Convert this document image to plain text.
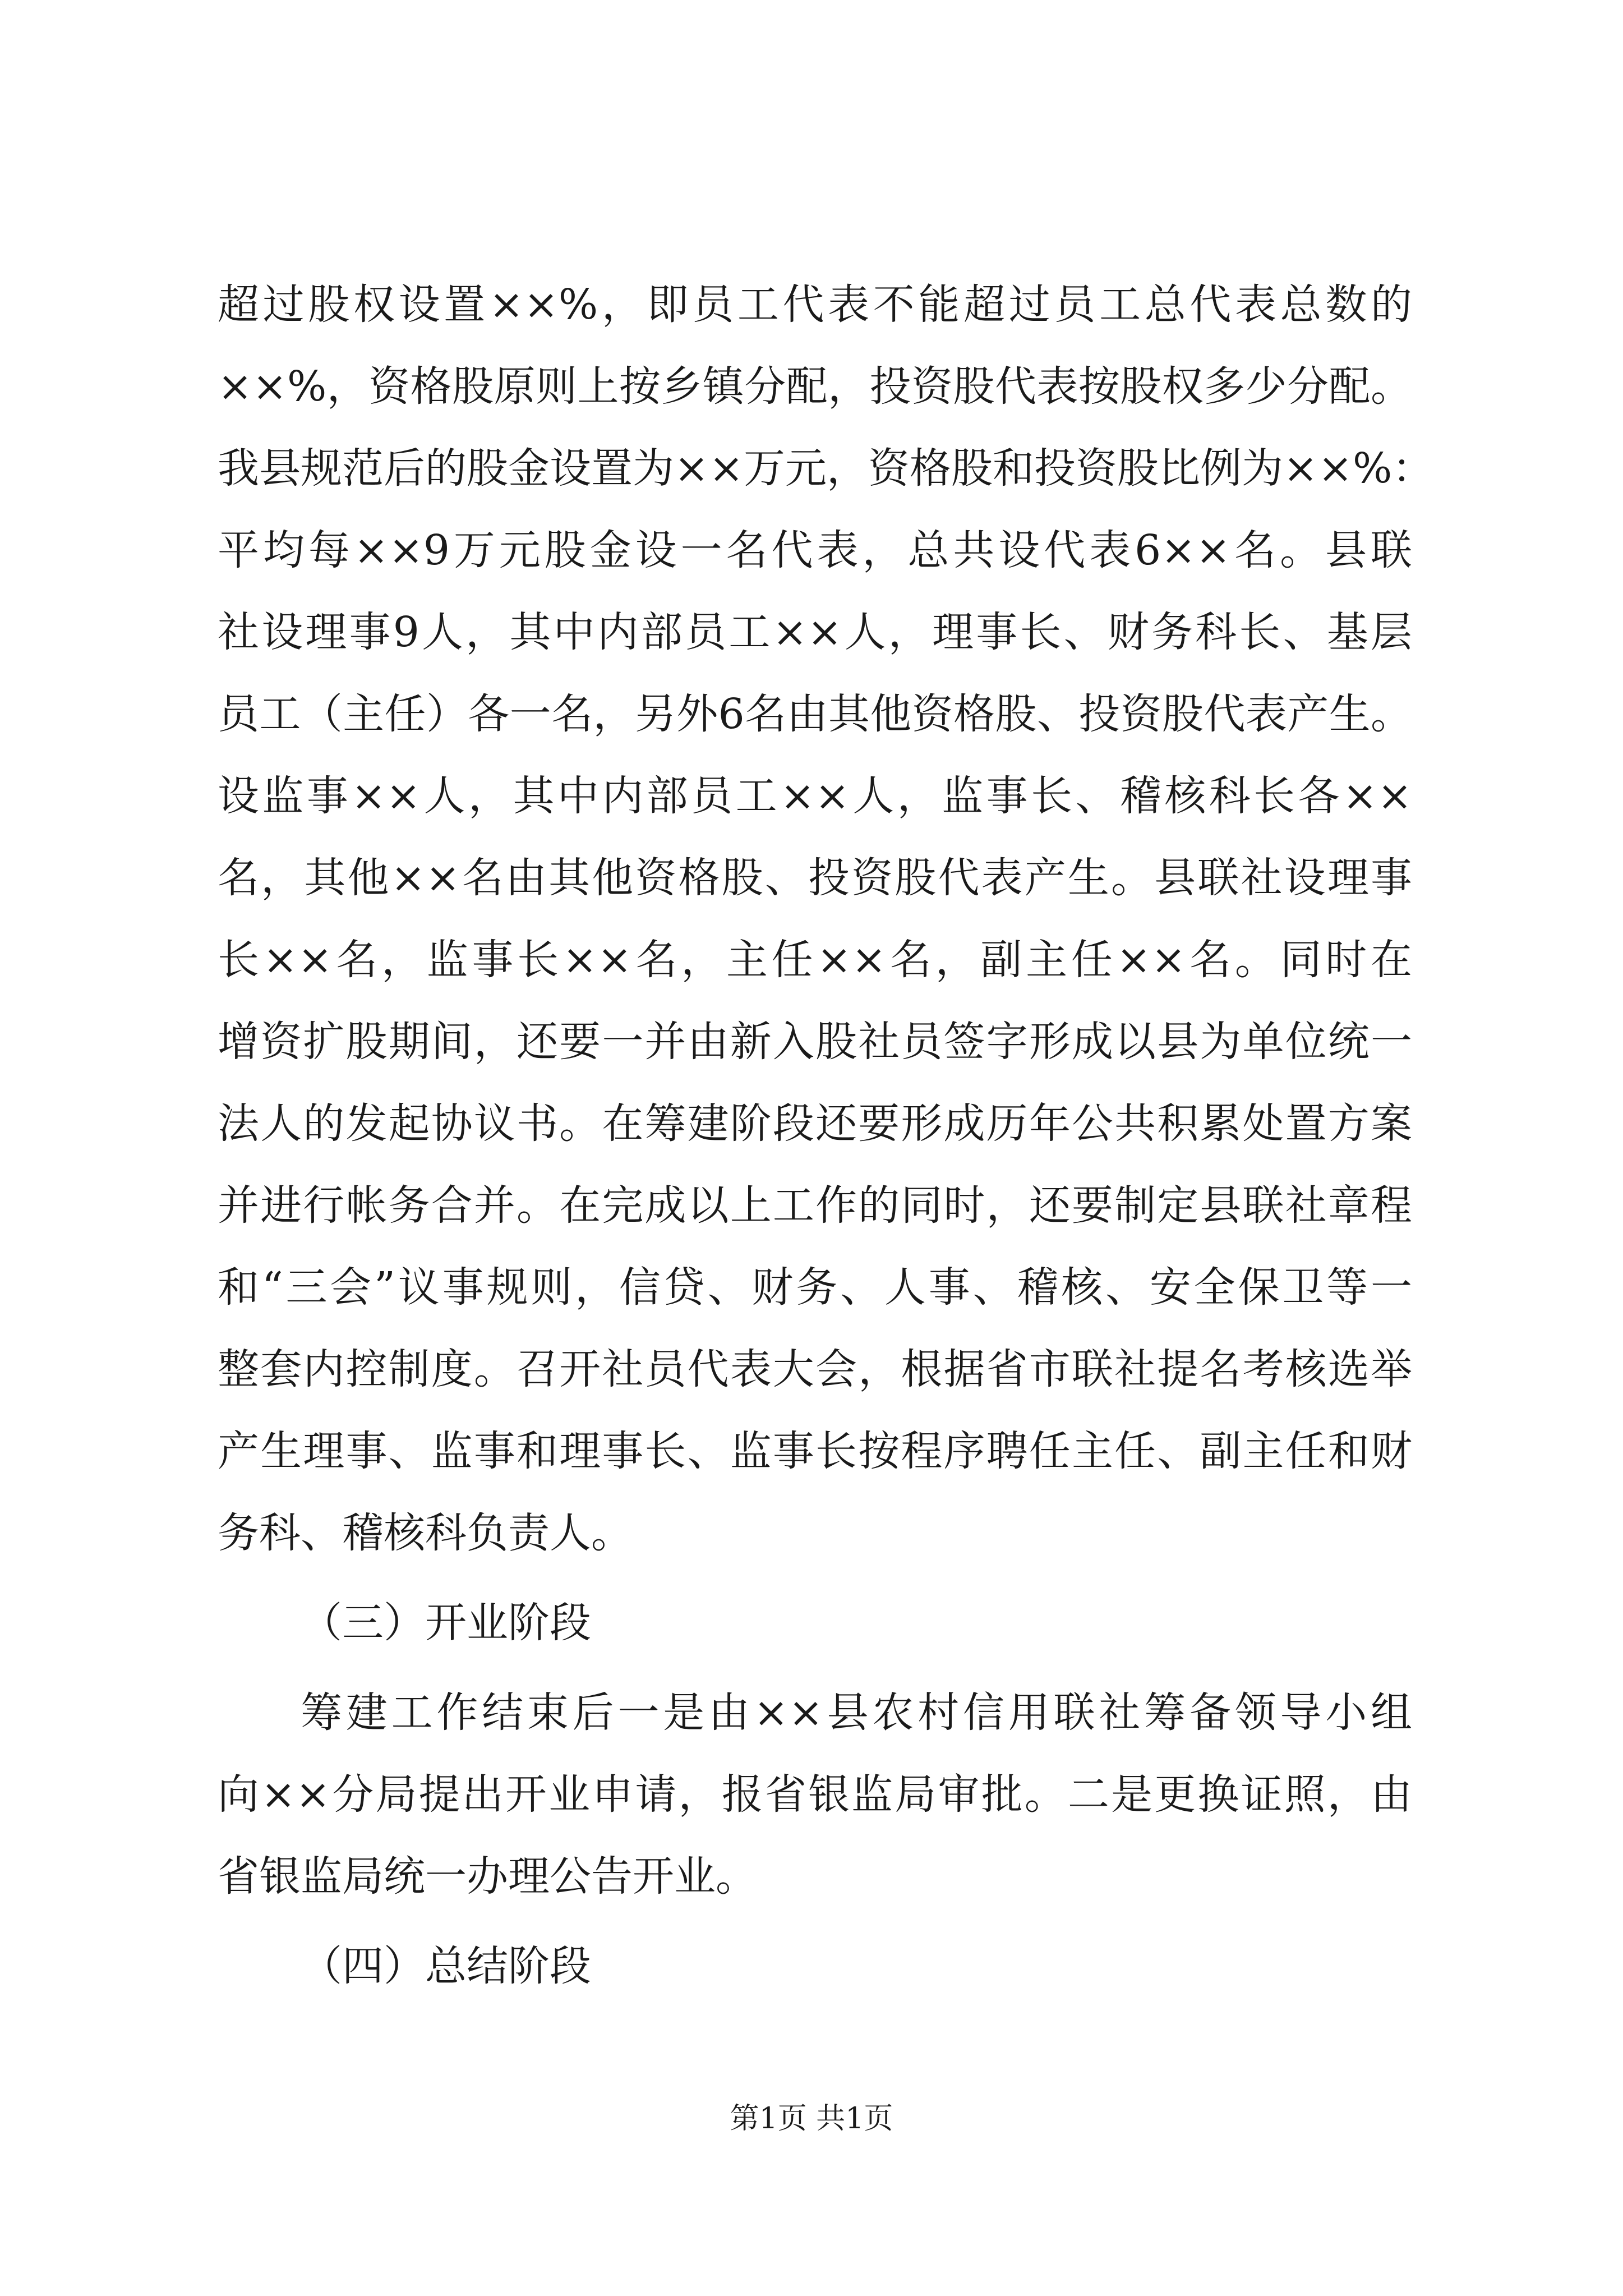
超过股权设置××%，即员工代表不能超过员工总代表总数的
××%，资格股原则上按乡镇分配，投资股代表按股权多少分配。
我县规范后的股金设置为××万元，资格股和投资股比例为××%：
平均每××9万元股金设一名代表，总共设代表6××名。县联
社设理事9人，其中内部员工××人，理事长、财务科长、基层
员工（主任）各一名，另外6名由其他资格股、投资股代表产生。
设监事××人，其中内部员工××人，监事长、稽核科长各××
名，其他××名由其他资格股、投资股代表产生。县联社设理事
长××名，监事长××名，主任××名，副主任××名。同时在
增资扩股期间，还要一并由新入股社员签字形成以县为单位统一
法人的发起协议书。在筹建阶段还要形成历年公共积累处置方案
并进行帐务合并。在完成以上工作的同时，还要制定县联社章程
和“三会”议事规则，信贷、财务、人事、稽核、安全保卫等一
整套内控制度。召开社员代表大会，根据省市联社提名考核选举
产生理事、监事和理事长、监事长按程序聘任主任、副主任和财
务科、稽核科负责人。
（三）开业阶段
筹建工作结束后一是由××县农村信用联社筹备领导小组
向××分局提出开业申请，报省银监局审批。二是更换证照，由
省银监局统一办理公告开业。
（四）总结阶段
第1页 共1页
